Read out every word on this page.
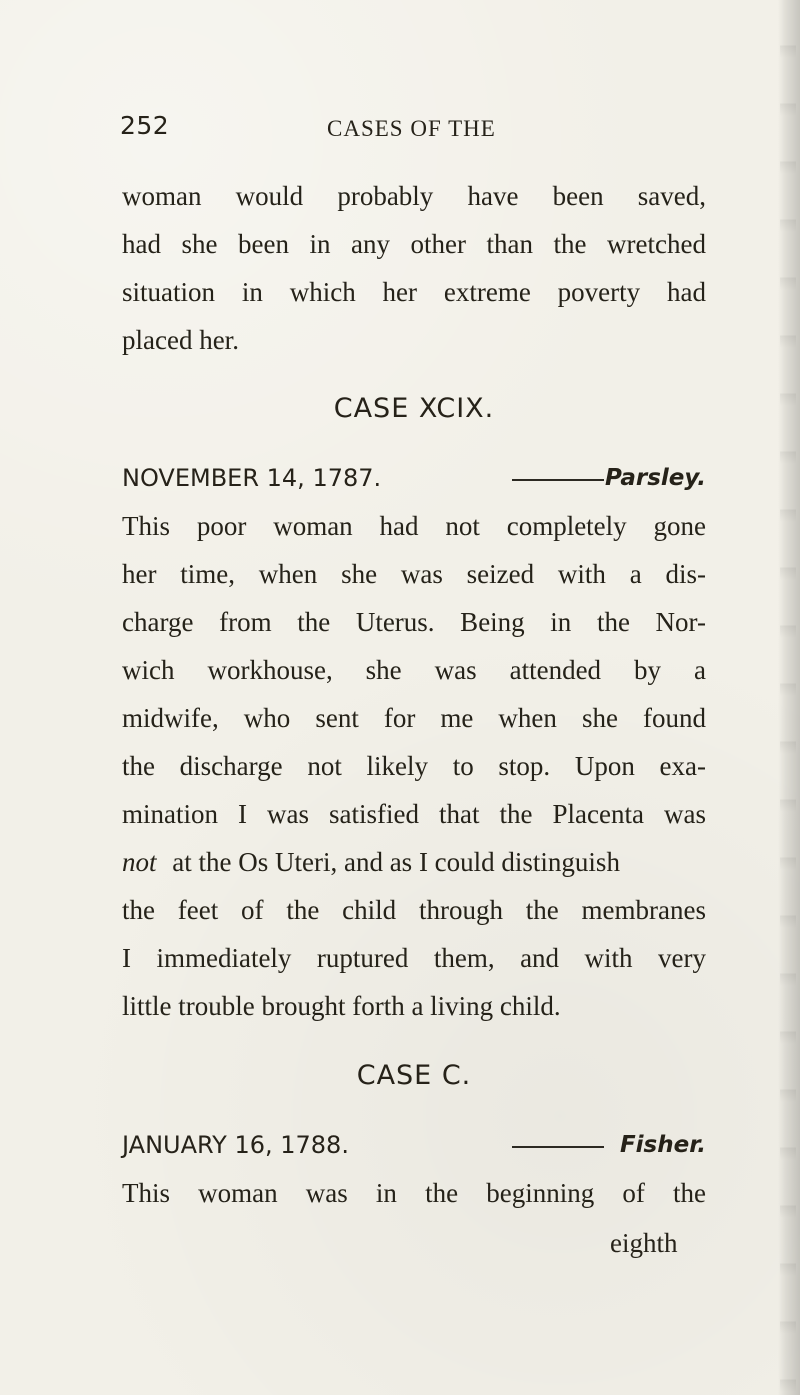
252	CASES OF THE
woman would probably have been saved,
had she been in any other than the wretched
situation in which her extreme poverty had
placed her.
CASE XCIX.
NOVEMBER 14, 1787.	Parsley.
This poor woman had not completely gone
her time, when she was seized with a dis-
charge from the Uterus. Being in the Nor-
wich workhouse, she was attended by a
midwife, who sent for me when she found
the discharge not likely to stop. Upon exa-
mination I was satisfied that the Placenta was
not at the Os Uteri, and as I could distinguish
the feet of the child through the membranes
I immediately ruptured them, and with very
little trouble brought forth a living child.
CASE C.
JANUARY 16, 1788.	Fisher.
This woman was in the beginning of the
eighth
